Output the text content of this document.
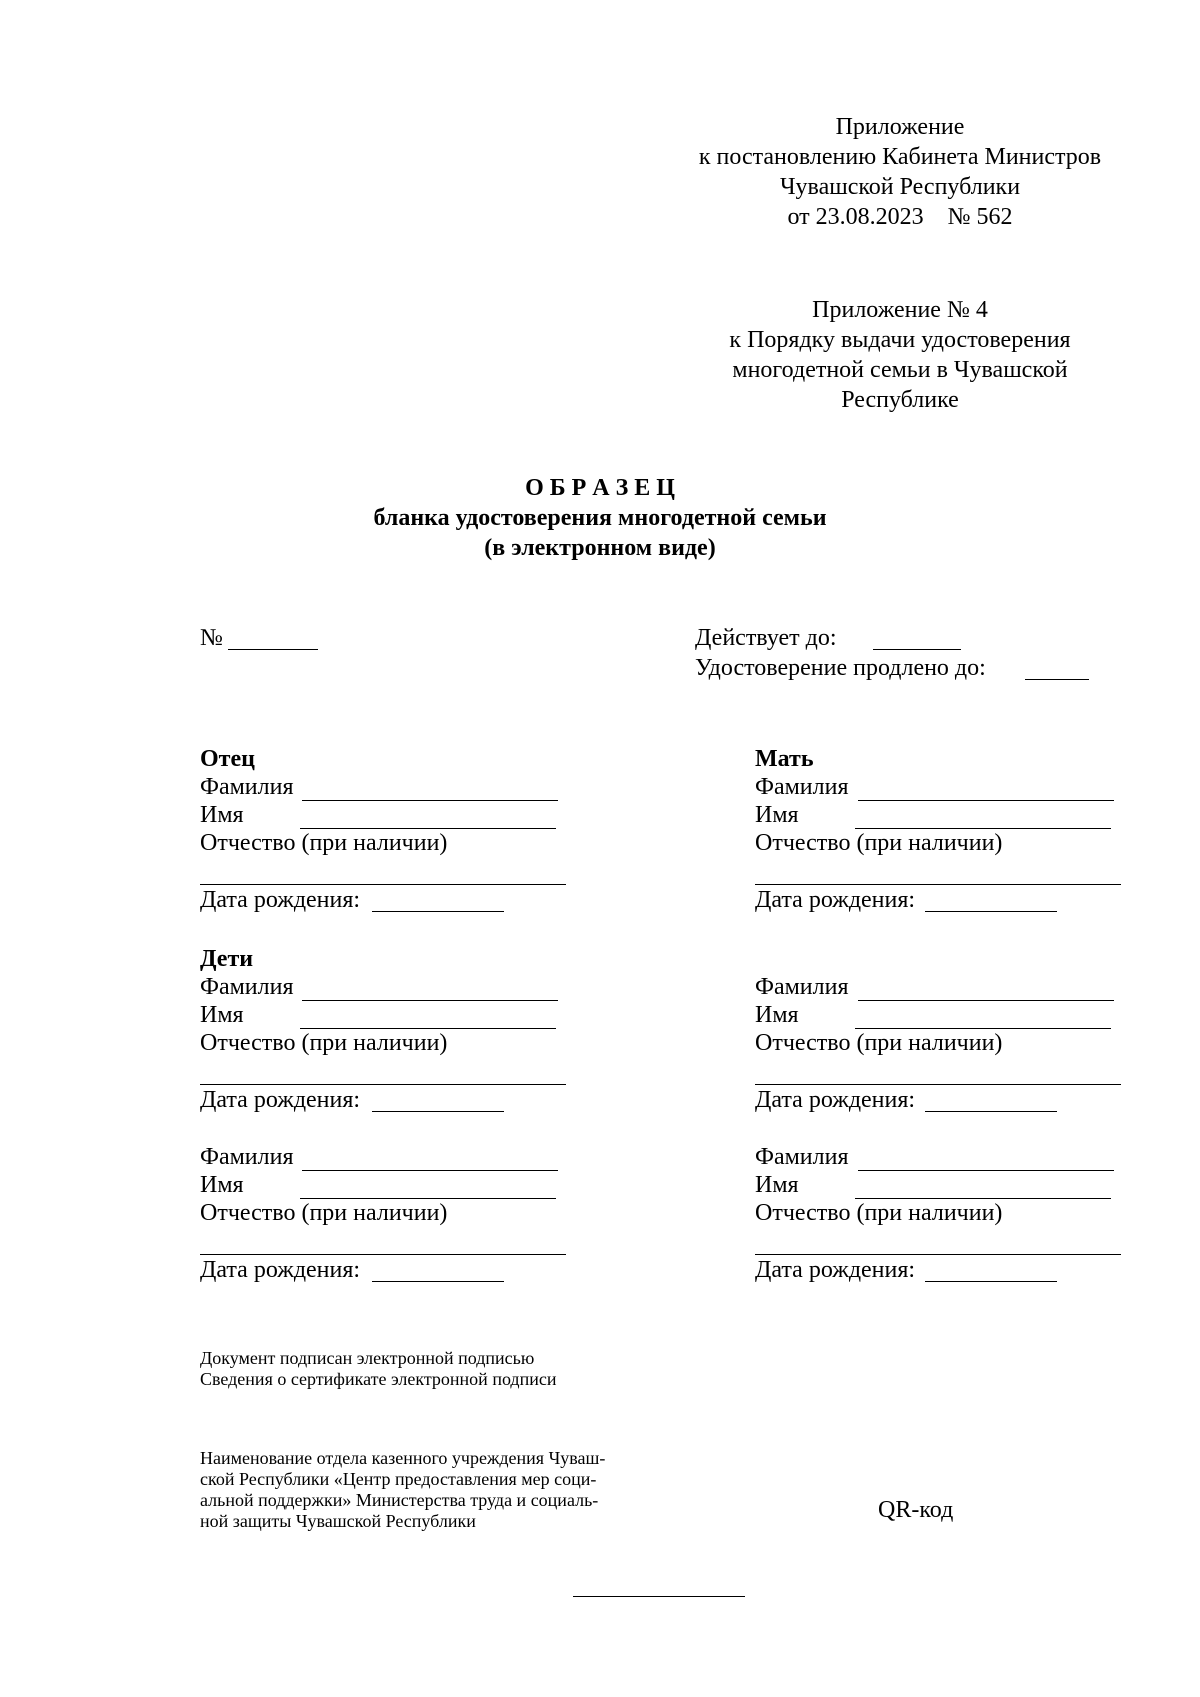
Приложение
к постановлению Кабинета Министров
Чувашской Республики
от 23.08.2023    № 562
Приложение № 4
к Порядку выдачи удостоверения
многодетной семьи в Чувашской
Республике
О Б Р А З Е Ц
бланка удостоверения многодетной семьи
(в электронном виде)
№	Действует до:
Удостоверение продлено до:
Отец
Фамилия
Имя
Отчество (при наличии)
Дата рождения:
Мать
Фамилия
Имя
Отчество (при наличии)
Дата рождения:
Дети
Фамилия
Имя
Отчество (при наличии)
Дата рождения:
Фамилия
Имя
Отчество (при наличии)
Дата рождения:
Фамилия
Имя
Отчество (при наличии)
Дата рождения:
Фамилия
Имя
Отчество (при наличии)
Дата рождения:
Документ подписан электронной подписью
Сведения о сертификате электронной подписи
Наименование отдела казенного учреждения Чуваш-
ской Республики «Центр предоставления мер соци-
альной поддержки» Министерства труда и социаль-
ной защиты Чувашской Республики	QR-код
